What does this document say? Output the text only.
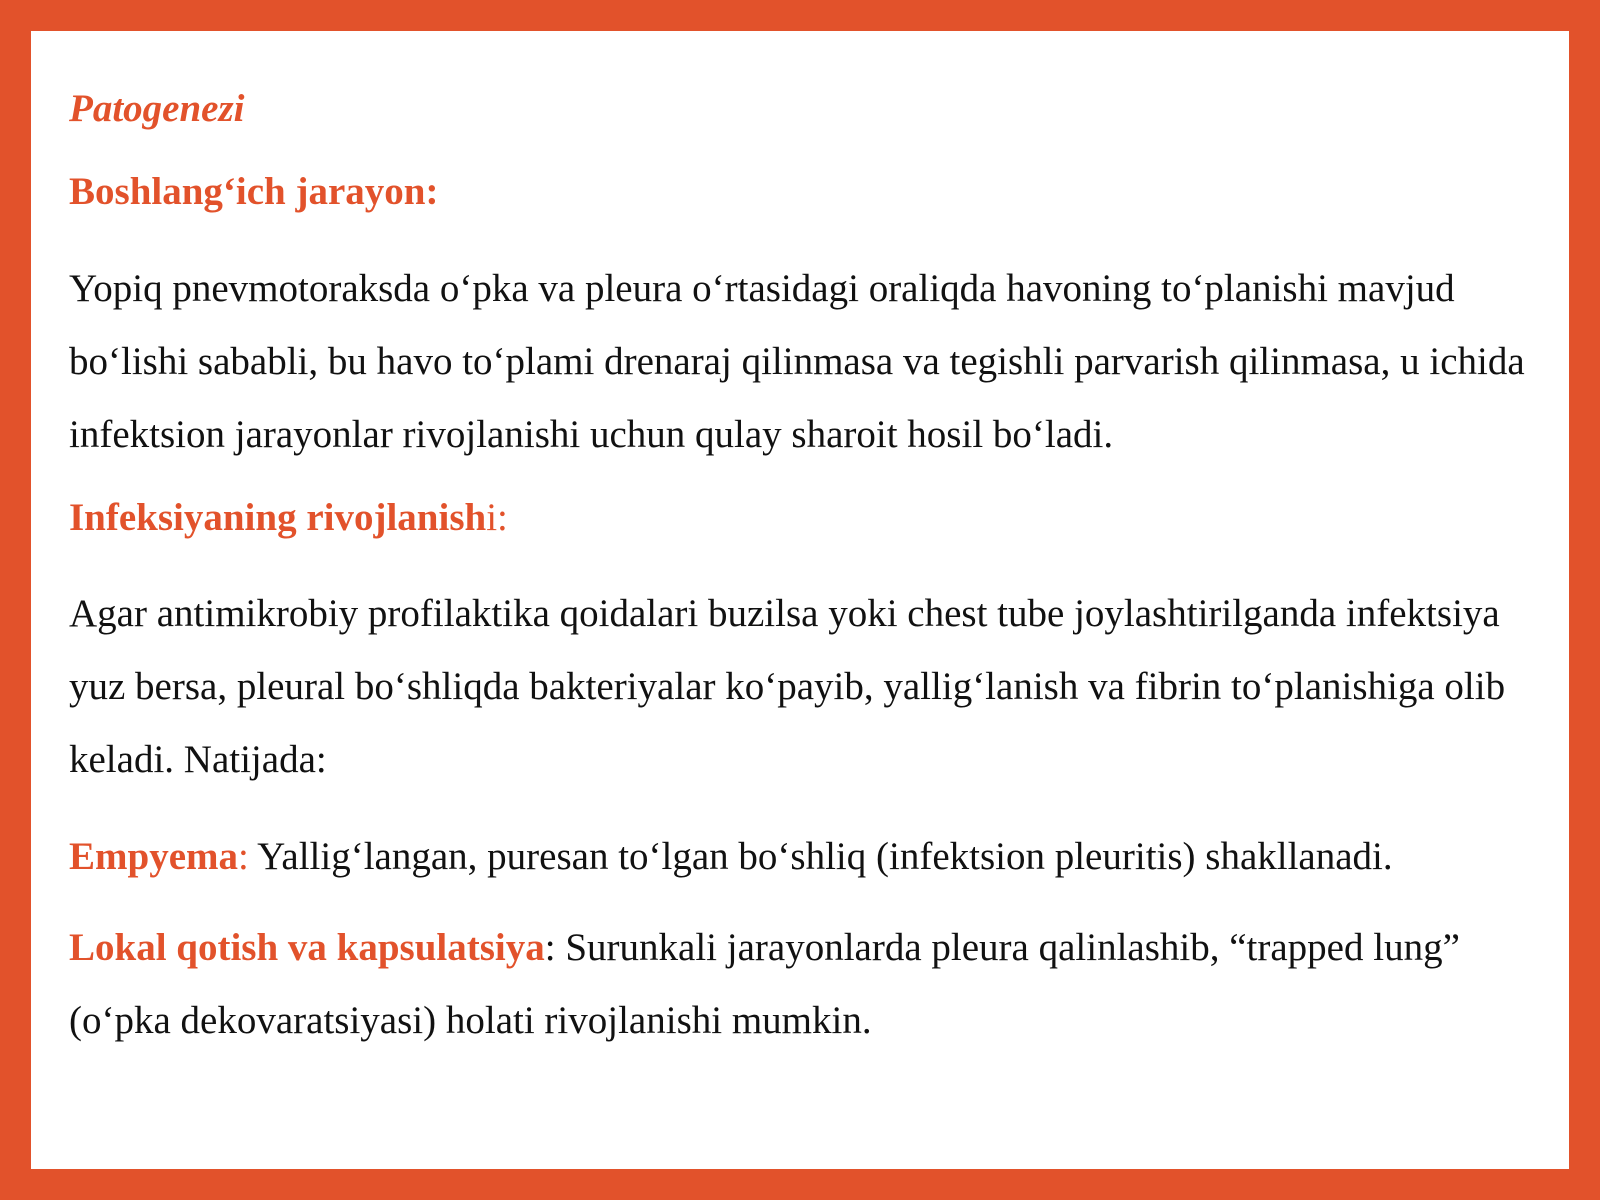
Patogenezi
Boshlang‘ich jarayon:
Yopiq pnevmotoraksda o‘pka va pleura o‘rtasidagi oraliqda havoning to‘planishi mavjud bo‘lishi sababli, bu havo to‘plami drenaraj qilinmasa va tegishli parvarish qilinmasa, u ichida infektsion jarayonlar rivojlanishi uchun qulay sharoit hosil bo‘ladi.
Infeksiyaning rivojlanishi:
Agar antimikrobiy profilaktika qoidalari buzilsa yoki chest tube joylashtirilganda infektsiya yuz bersa, pleural bo‘shliqda bakteriyalar ko‘payib, yallig‘lanish va fibrin to‘planishiga olib keladi. Natijada:
Empyema: Yallig‘langan, puresan to‘lgan bo‘shliq (infektsion pleuritis) shakllanadi.
Lokal qotish va kapsulatsiya: Surunkali jarayonlarda pleura qalinlashib, “trapped lung” (o‘pka dekovaratsiyasi) holati rivojlanishi mumkin.
